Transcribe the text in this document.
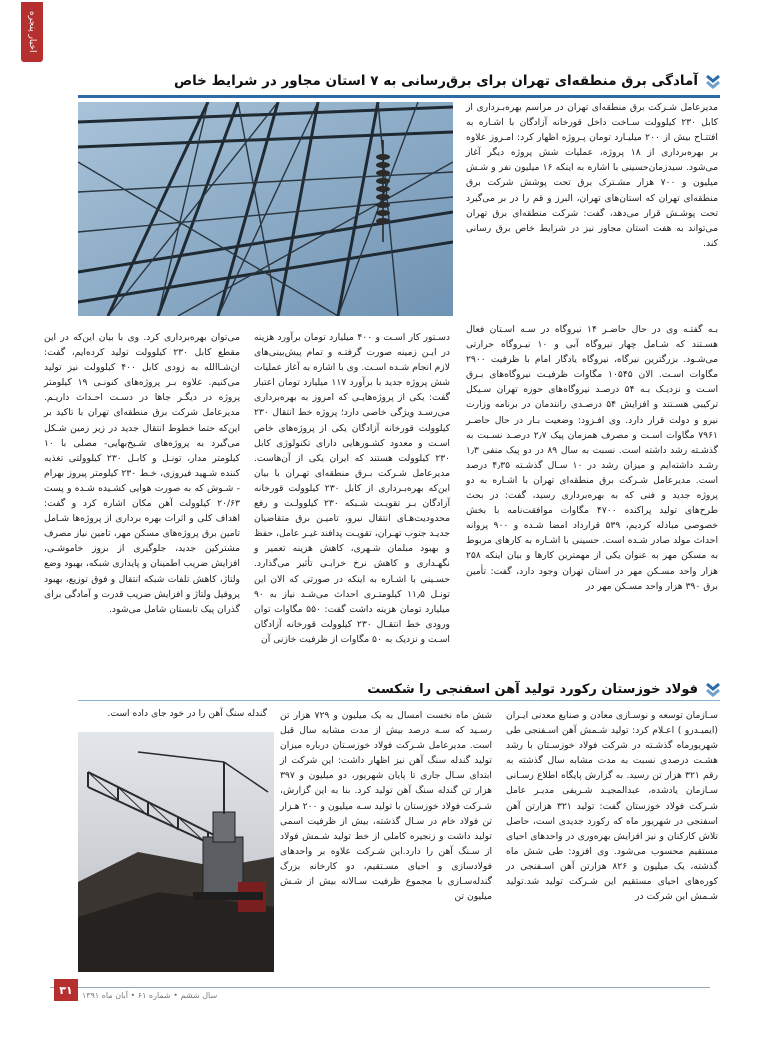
اخبار پنجره
آمادگی برق منطقه‌ای تهران برای برق‌رسانی به ۷ استان مجاور در شرایط خاص

مدیرعامل شـرکت برق منطقه‌ای تهران در مراسم بهره‌بـرداری از کابل ۲۳۰ کیلوولت سـاخت داخل قورخانه آزادگان با اشـاره به افتتـاح بیش از ۲۰۰ میلیـارد تومان پـروژه اظهار کرد: امـروز علاوه بر بهره‌برداری از ۱۸ پروژه، عملیات شش پروژه دیگر آغاز می‌شود. سیدزمان‌حسینی با اشاره به اینکه ۱۶ میلیون نفر و شـش میلیون و ۷۰۰ هزار مشـترک برق تحت پوشش شرکت برق منطقه‌ای تهران که استان‌های تهران، البرز و قم را در بر می‌گیرد تحت پوشـش قرار می‌دهد، گفت: شرکت منطقه‌ای برق تهران می‌تواند به هفت استان مجاور نیز در شرایط خاص برق رسانی کند.

بـه گفتـه وی در حال حاضـر ۱۴ نیروگاه در سـه اسـتان فعال هسـتند که شـامل چهار نیروگاه آبی و ۱۰ نیـروگاه حرارتی می‌شـود. بزرگترین نیرگاه، نیروگاه یادگار امام با ظرفیت ۲۹۰۰ مگاوات اسـت. الان ۱۰۵۴۵ مگاوات ظرفیـت نیروگاه‌های بـرق اسـت و نزدیـک بـه ۵۴ درصـد نیروگاه‌های حوزه تهران سـیکل ترکیبی هسـتند و افزایش ۵۴ درصـدی رانندمان در برنامه وزارت نیرو و دولت قرار دارد. وی افـزود: وضعیت بـار در حال حاضـر ۷۹۶۱ مگاوات اسـت و مصرف همزمان پیک ۲٫۷ درصـد نسـبت به گذشـته رشد داشته است. نسبت به سال ۸۹ در دو پیک منفی ۱٫۳ رشـد داشته‌ایم و میزان رشد در ۱۰ سـال گذشـته ۴٫۳۵ درصد است. مدیرعامل شـرکت برق منطقه‌ای تهران با اشـاره به دو پروژه جدید و فنی که به بهره‌برداری رسید، گفت: در بحث طرح‌های تولید پراکنده ۴۷۰۰ مگاوات موافقت‌نامه با بخش خصوصی مبادله کردیم، ۵۳۹ قرارداد امضا شـده و ۹۰۰ پروانه احداث مولد صادر شـده است. حسینی با اشـاره به کارهای مربوط به مسکن مهر به عنوان یکی از مهمترین کارها و بیان اینکه ۲۵۸ هزار واحد مسـکن مهر در استان تهران وجود دارد، گفت: تأمین برق ۳۹۰ هزار واحد مسـکن مهر در

دسـتور کار اسـت و ۴۰۰ میلیارد تومان برآورد هزینه در ایـن زمینه صورت گرفتـه و تمام پیش‌بینی‌های لازم انجام شـده اسـت. وی با اشاره به آغاز عملیات شش پروژه جدید با برآورد ۱۱۷ میلیارد تومان اعتبار گفت: یکی از پروژه‌هایـی که امروز به بهره‌برداری می‌رسـد ویژگی خاصی دارد؛ پروژه خط انتقال ۲۳۰ کیلوولت قورخانه آزادگان یکی از پروژه‌های خاص اسـت و معدود کشـورهایی دارای تکنولوژی کابل ۲۳۰ کیلوولت هستند که ایران یکی از آن‌هاست. مدیرعامل شـرکت بـرق منطقه‌ای تهـران با بیان این‌که بهره‌بـرداری از کابل ۲۳۰ کیلوولت قورخانه آزادگان بـر تقویـت شـبکه ۲۳۰ کیلوولـت و رفع محدودیت‌هـای انتقال نیرو، تامیـن برق متقاضیان جدیـد جنوب تهـران، تقویـت پدافند غیـر عامل، حفظ و بهبود مبلمان شـهری، کاهش هزینه تعمیر و نگهـداری و کاهش نرخ خرابـی تأثیر می‌گذارد. حسـینی با اشـاره به اینکه در صورتی که الان این تونـل ۱۱٫۵ کیلومتـری احداث می‌شـد نیاز به ۹۰ میلیارد تومان هزینه داشت گفت: ۵۵۰ مگاوات توان ورودی خط انتقـال ۲۳۰ کیلوولت قورخانه آزادگان اسـت و نزدیک به ۵۰ مگاوات از ظرفیت خازنی آن

می‌توان بهره‌برداری کرد. وی با بیان این‌که در این مقطع کابل ۲۳۰ کیلوولت تولید کرده‌ایم، گفت: ان‌شـاالله به زودی کابل ۴۰۰ کیلوولت نیز تولید می‌کنیم. علاوه بـر پروژه‌های کنونـی ۱۹ کیلومتر پروژه در دیگـر جاها در دسـت احـداث داریـم. مدیرعامل شرکت برق منطقه‌ای تهران با تاکید بر این‌که حتما خطوط انتقال جدید در زیر زمین شـکل می‌گیرد به پروژه‌های شـیخ‌بهایی- مصلی با ۱۰ کیلومتر مدار، تونـل و کابـل ۲۳۰ کیلوولتی تغذیه کننده شـهید فیروزی، خـط ۲۳۰ کیلومتر پیروز بهرام - شـوش که به صورت هوایی کشـیده شـده و پست ۲۰/۶۳ کیلوولت آهن مکان اشاره کرد و گفت: اهداف کلی و اثرات بهره برداری از پروژه‌ها شـامل تامین برق پروژه‌های مسکن مهر، تامین نیاز مصرف مشترکین جدید، جلوگیری از بروز خاموشـی، افزایش ضریب اطمینان و پایداری شبکه، بهبود وضع ولتاژ، کاهش تلفات شبکه انتقال و فوق توزیع، بهبود پروفیل ولتاژ و افزایش ضریب قدرت و آمادگی برای گذران پیک تابستان شامل می‌شود.

فولاد خوزستان رکورد تولید آهن اسفنجی را شکست

سـازمان توسعه و نوسـازی معادن و صنایع معدنی ایـران (ایمیـدرو ) اعـلام کرد: تولید شـمش آهن اسـفنجی طی شهریورماه گذشـته در شرکت فولاد خوزسـتان با رشد هشـت درصدی نسبت به مدت مشابه سال گذشته به رقم ۳۲۱ هزار تن رسید. به گزارش پایگاه اطلاع رسـانی سـازمان یادشده، عبدالمجیـد شـریفی مدیـر عامل شـرکت فولاد خوزستان گفت: تولید ۳۲۱ هزارتن آهن اسفنجی در شهریور ماه که رکورد جدیدی است، حاصل تلاش کارکنان و نیز افزایش بهره‌وری در واحدهای احیای مستقیم محسوب می‌شود. وی افزود: طی شش ماه گذشته، یک میلیون و ۸۲۶ هزارتن آهن اسـفنجی در کوره‌های احیای مستقیم این شـرکت تولید شد.تولید شـمش این شرکت در

شش ماه نخست امسال به یک میلیون و ۷۲۹ هزار تن رسـید که سـه درصد بیش از مدت مشابه سال قبل است. مدیرعامل شـرکت فولاد خوزسـتان درباره میزان تولید گندله سنگ آهن نیز اظهار داشت: این شرکت از ابتدای سـال جاری تا پایان شهریور، دو میلیون و ۳۹۷ هزار تن گندله سنگ آهن تولید کرد. بنا به این گزارش، شـرکت فولاد خوزستان با تولید سـه میلیون و ۲۰۰ هـزار تن فولاد خام در سـال گذشته، بیش از ظرفیت اسمی تولید داشت و زنجیره کاملی از خط تولید شـمش فولاد از سـنگ آهن را دارد.این شـرکت علاوه بر واحدهای فولادسازی و احیای مسـتقیم، دو کارخانه بزرگ گندله‌سـازی با مجموع ظرفیت سـالانه بیش از شـش میلیون تن

گندله سنگ آهن را در خود جای داده است.
۳۱	سال ششم • شماره ۶۱ • آبان ماه ۱۳۹۱
